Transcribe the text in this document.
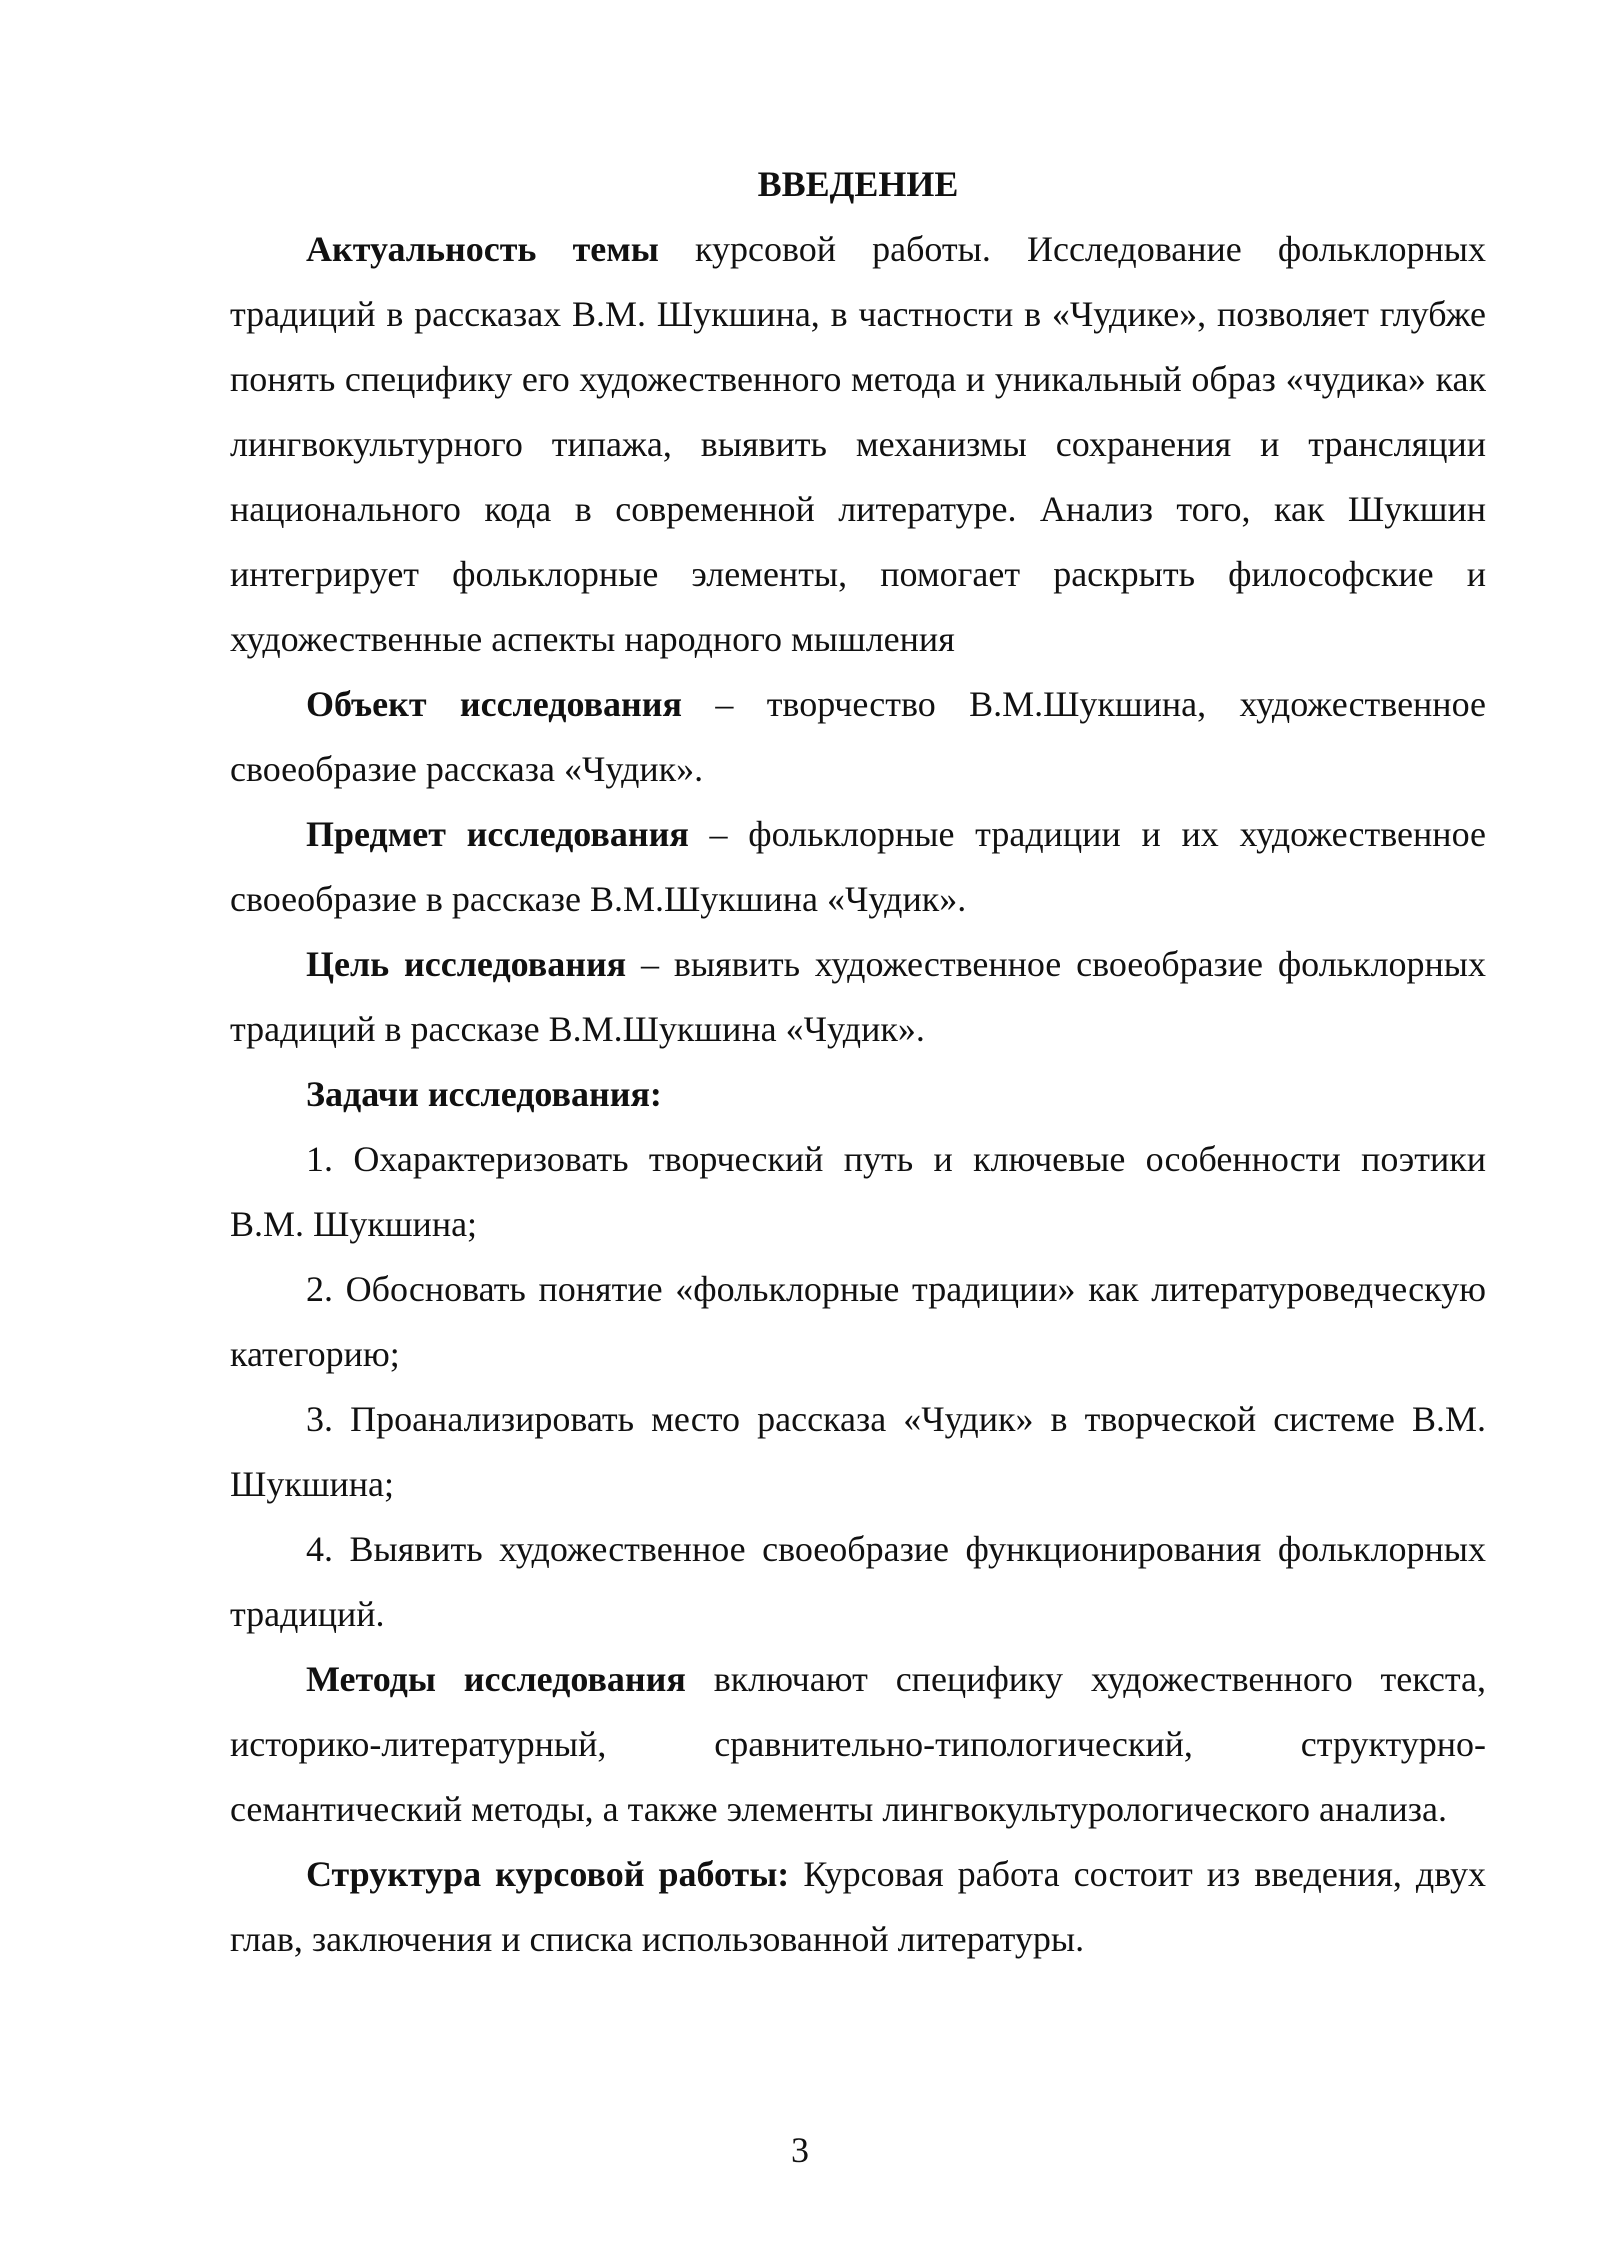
ВВЕДЕНИЕ

Актуальность темы курсовой работы. Исследование фольклорных традиций в рассказах В.М. Шукшина, в частности в «Чудике», позволяет глубже понять специфику его художественного метода и уникальный образ «чудика» как лингвокультурного типажа, выявить механизмы сохранения и трансляции национального кода в современной литературе. Анализ того, как Шукшин интегрирует фольклорные элементы, помогает раскрыть философские и художественные аспекты народного мышления

Объект исследования – творчество В.М.Шукшина, художественное своеобразие рассказа «Чудик».

Предмет исследования – фольклорные традиции и их художественное своеобразие в рассказе В.М.Шукшина «Чудик».

Цель исследования – выявить художественное своеобразие фольклорных традиций в рассказе В.М.Шукшина «Чудик».

Задачи исследования:

1. Охарактеризовать творческий путь и ключевые особенности поэтики В.М. Шукшина;

2. Обосновать понятие «фольклорные традиции» как литературоведческую категорию;

3. Проанализировать место рассказа «Чудик» в творческой системе В.М. Шукшина;

4. Выявить художественное своеобразие функционирования фольклорных традиций.

Методы исследования включают специфику художественного текста, историко-литературный, сравнительно-типологический, структурно-семантический методы, а также элементы лингвокультурологического анализа.

Структура курсовой работы: Курсовая работа состоит из введения, двух глав, заключения и списка использованной литературы.

3
